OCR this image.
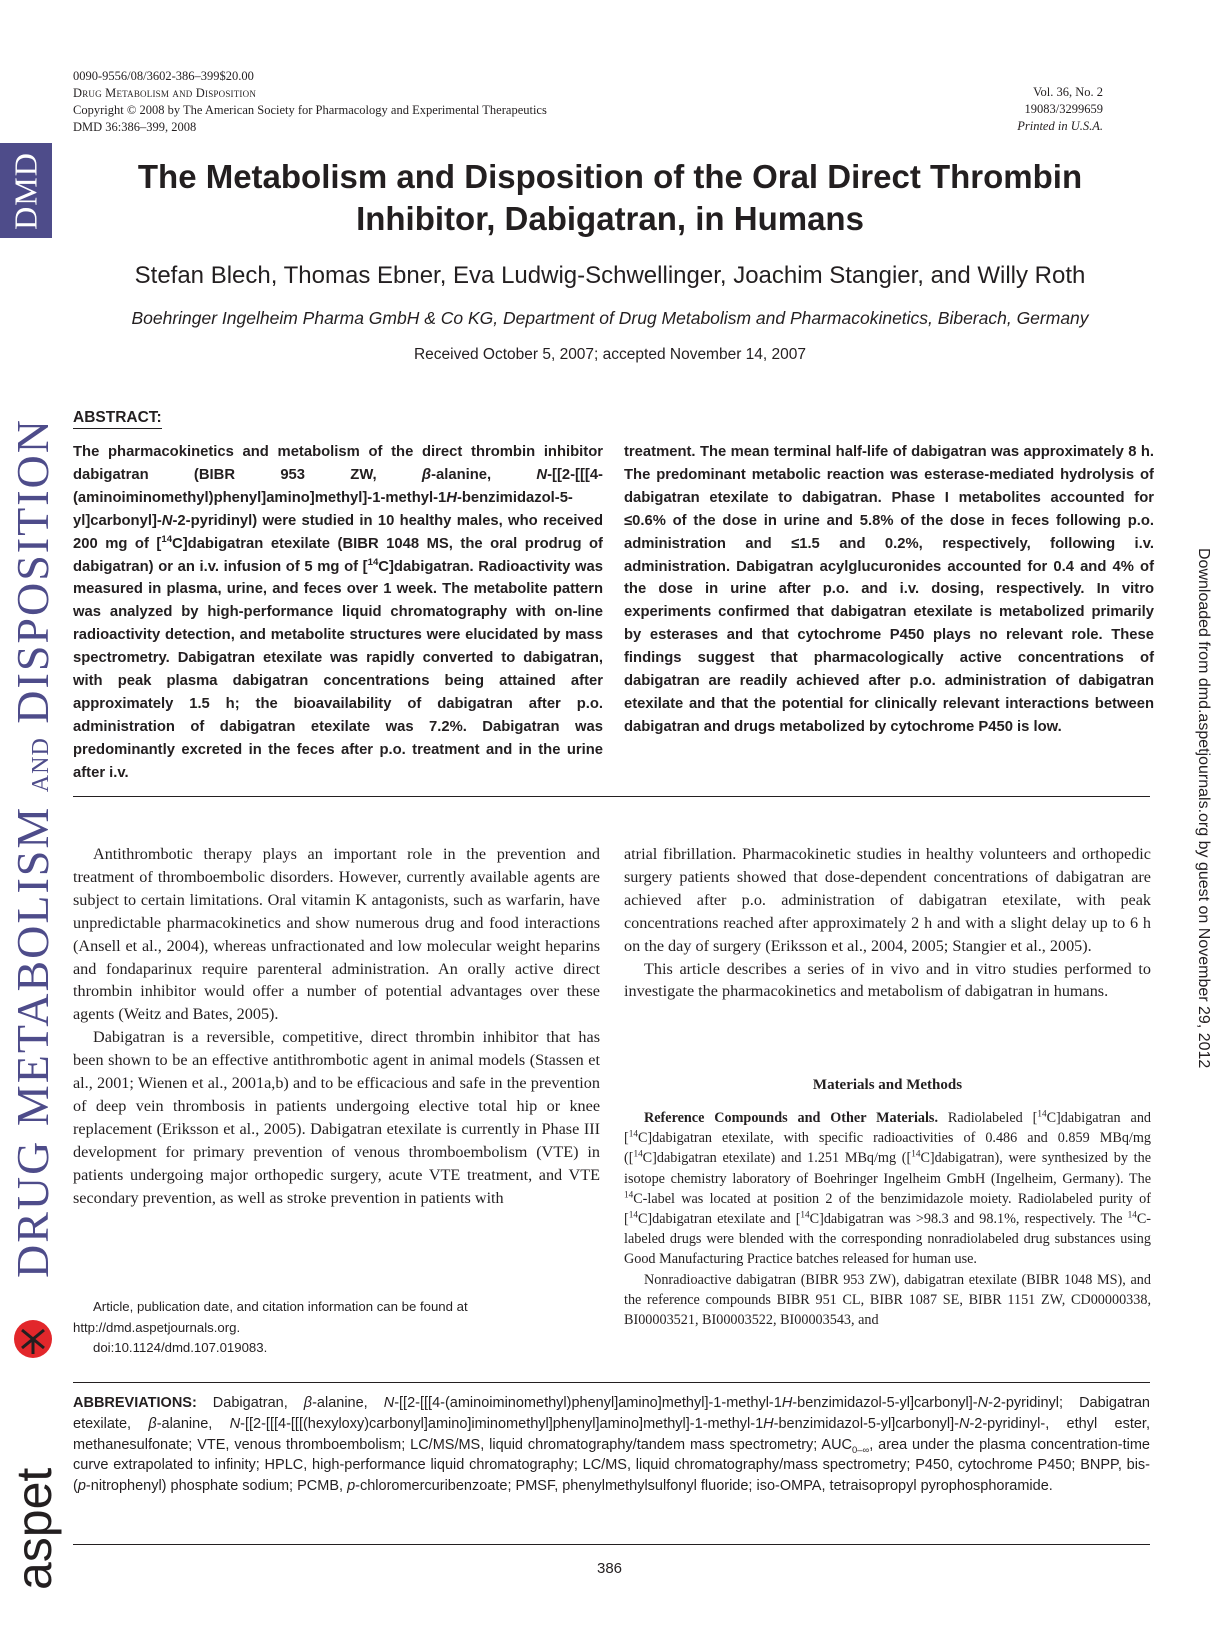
0090-9556/08/3602-386–399$20.00
Drug Metabolism and Disposition
Copyright © 2008 by The American Society for Pharmacology and Experimental Therapeutics
DMD 36:386–399, 2008
Vol. 36, No. 2
19083/3299659
Printed in U.S.A.
DMD
DRUG METABOLISM AND DISPOSITION
aspet
Downloaded from dmd.aspetjournals.org by guest on November 29, 2012
The Metabolism and Disposition of the Oral Direct Thrombin
Inhibitor, Dabigatran, in Humans
Stefan Blech, Thomas Ebner, Eva Ludwig-Schwellinger, Joachim Stangier, and Willy Roth
Boehringer Ingelheim Pharma GmbH & Co KG, Department of Drug Metabolism and Pharmacokinetics, Biberach, Germany
Received October 5, 2007; accepted November 14, 2007
ABSTRACT:
The pharmacokinetics and metabolism of the direct thrombin inhibitor dabigatran (BIBR 953 ZW, β-alanine, N-[[2-[[[4-(aminoiminomethyl)phenyl]amino]methyl]-1-methyl-1H-benzimidazol-5-yl]carbonyl]-N-2-pyridinyl) were studied in 10 healthy males, who received 200 mg of [$^{14}$C]dabigatran etexilate (BIBR 1048 MS, the oral prodrug of dabigatran) or an i.v. infusion of 5 mg of [$^{14}$C]dabigatran. Radioactivity was measured in plasma, urine, and feces over 1 week. The metabolite pattern was analyzed by high-performance liquid chromatography with on-line radioactivity detection, and metabolite structures were elucidated by mass spectrometry. Dabigatran etexilate was rapidly converted to dabigatran, with peak plasma dabigatran concentrations being attained after approximately 1.5 h; the bioavailability of dabigatran after p.o. administration of dabigatran etexilate was 7.2%. Dabigatran was predominantly excreted in the feces after p.o. treatment and in the urine after i.v.
treatment. The mean terminal half-life of dabigatran was approximately 8 h. The predominant metabolic reaction was esterase-mediated hydrolysis of dabigatran etexilate to dabigatran. Phase I metabolites accounted for ≤0.6% of the dose in urine and 5.8% of the dose in feces following p.o. administration and ≤1.5 and 0.2%, respectively, following i.v. administration. Dabigatran acylglucuronides accounted for 0.4 and 4% of the dose in urine after p.o. and i.v. dosing, respectively. In vitro experiments confirmed that dabigatran etexilate is metabolized primarily by esterases and that cytochrome P450 plays no relevant role. These findings suggest that pharmacologically active concentrations of dabigatran are readily achieved after p.o. administration of dabigatran etexilate and that the potential for clinically relevant interactions between dabigatran and drugs metabolized by cytochrome P450 is low.

Antithrombotic therapy plays an important role in the prevention and treatment of thromboembolic disorders. However, currently available agents are subject to certain limitations. Oral vitamin K antagonists, such as warfarin, have unpredictable pharmacokinetics and show numerous drug and food interactions (Ansell et al., 2004), whereas unfractionated and low molecular weight heparins and fondaparinux require parenteral administration. An orally active direct thrombin inhibitor would offer a number of potential advantages over these agents (Weitz and Bates, 2005).

Dabigatran is a reversible, competitive, direct thrombin inhibitor that has been shown to be an effective antithrombotic agent in animal models (Stassen et al., 2001; Wienen et al., 2001a,b) and to be efficacious and safe in the prevention of deep vein thrombosis in patients undergoing elective total hip or knee replacement (Eriksson et al., 2005). Dabigatran etexilate is currently in Phase III development for primary prevention of venous thromboembolism (VTE) in patients undergoing major orthopedic surgery, acute VTE treatment, and VTE secondary prevention, as well as stroke prevention in patients with

Article, publication date, and citation information can be found at

http://dmd.aspetjournals.org.

doi:10.1124/dmd.107.019083.

atrial fibrillation. Pharmacokinetic studies in healthy volunteers and orthopedic surgery patients showed that dose-dependent concentrations of dabigatran are achieved after p.o. administration of dabigatran etexilate, with peak concentrations reached after approximately 2 h and with a slight delay up to 6 h on the day of surgery (Eriksson et al., 2004, 2005; Stangier et al., 2005).

This article describes a series of in vivo and in vitro studies performed to investigate the pharmacokinetics and metabolism of dabigatran in humans.

Materials and Methods

Reference Compounds and Other Materials. Radiolabeled [$^{14}$C]dabigatran and [$^{14}$C]dabigatran etexilate, with specific radioactivities of 0.486 and 0.859 MBq/mg ([$^{14}$C]dabigatran etexilate) and 1.251 MBq/mg ([$^{14}$C]dabigatran), were synthesized by the isotope chemistry laboratory of Boehringer Ingelheim GmbH (Ingelheim, Germany). The $^{14}$C-label was located at position 2 of the benzimidazole moiety. Radiolabeled purity of [$^{14}$C]dabigatran etexilate and [$^{14}$C]dabigatran was >98.3 and 98.1%, respectively. The $^{14}$C-labeled drugs were blended with the corresponding nonradiolabeled drug substances using Good Manufacturing Practice batches released for human use.

Nonradioactive dabigatran (BIBR 953 ZW), dabigatran etexilate (BIBR 1048 MS), and the reference compounds BIBR 951 CL, BIBR 1087 SE, BIBR 1151 ZW, CD00000338, BI00003521, BI00003522, BI00003543, and

ABBREVIATIONS: Dabigatran, β-alanine, N-[[2-[[[4-(aminoiminomethyl)phenyl]amino]methyl]-1-methyl-1H-benzimidazol-5-yl]carbonyl]-N-2-pyridinyl; Dabigatran etexilate, β-alanine, N-[[2-[[[4-[[[(hexyloxy)carbonyl]amino]iminomethyl]phenyl]amino]methyl]-1-methyl-1H-benzimidazol-5-yl]carbonyl]-N-2-pyridinyl-, ethyl ester, methanesulfonate; VTE, venous thromboembolism; LC/MS/MS, liquid chromatography/tandem mass spectrometry; $AUC_{0-\infty}$, area under the plasma concentration-time curve extrapolated to infinity; HPLC, high-performance liquid chromatography; LC/MS, liquid chromatography/mass spectrometry; P450, cytochrome P450; BNPP, bis-(p-nitrophenyl) phosphate sodium; PCMB, p-chloromercuribenzoate; PMSF, phenylmethylsulfonyl fluoride; iso-OMPA, tetraisopropyl pyrophosphoramide.
386
